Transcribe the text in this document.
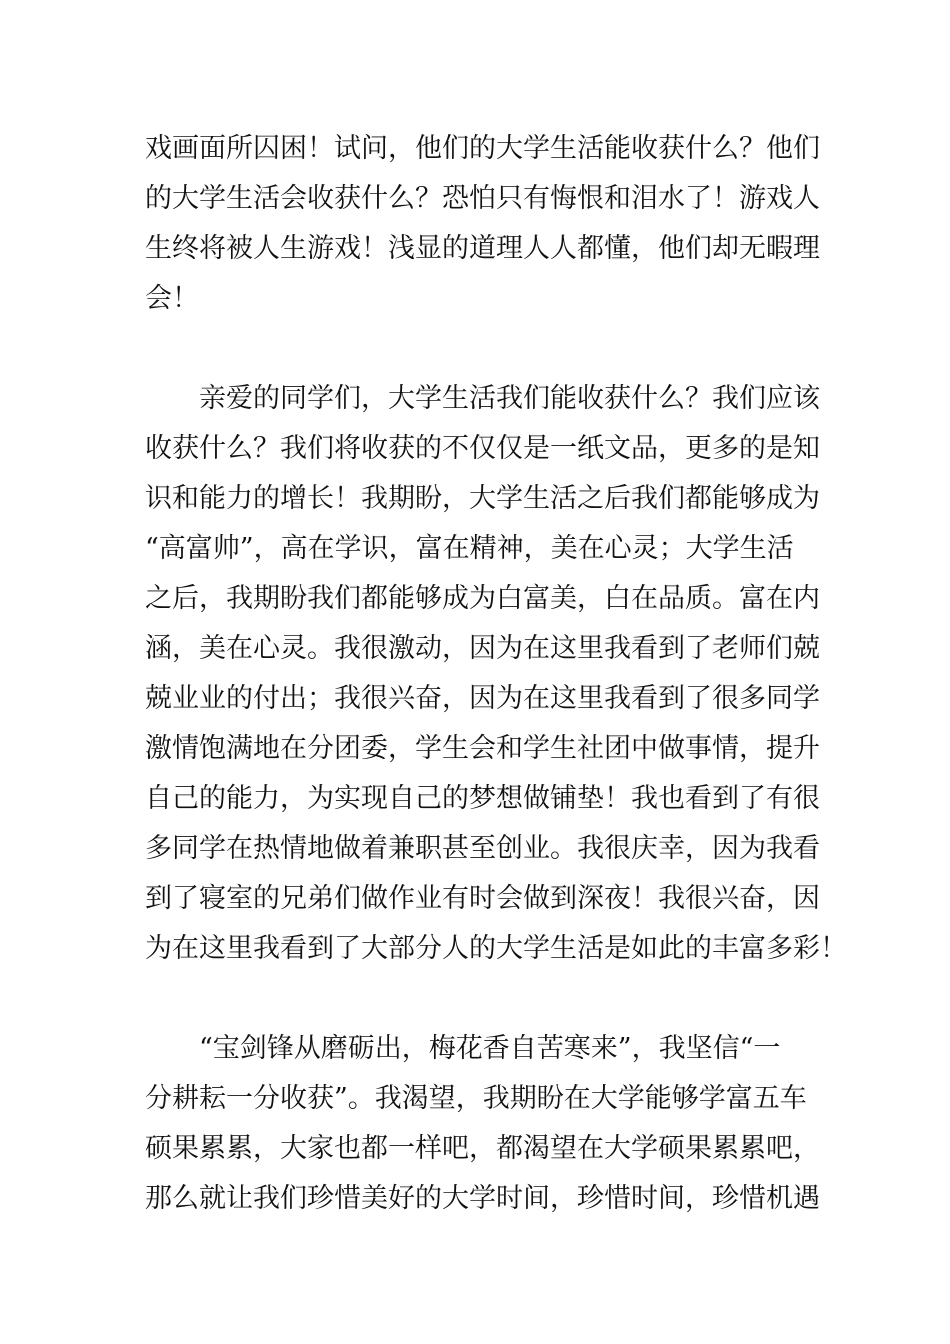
戏画面所囚困！试问，他们的大学生活能收获什么？他们
的大学生活会收获什么？恐怕只有悔恨和泪水了！游戏人
生终将被人生游戏！浅显的道理人人都懂，他们却无暇理
会！
　　亲爱的同学们，大学生活我们能收获什么？我们应该
收获什么？我们将收获的不仅仅是一纸文品，更多的是知
识和能力的增长！我期盼，大学生活之后我们都能够成为
“高富帅”，高在学识，富在精神，美在心灵；大学生活
之后，我期盼我们都能够成为白富美，白在品质。富在内
涵，美在心灵。我很激动，因为在这里我看到了老师们兢
兢业业的付出；我很兴奋，因为在这里我看到了很多同学
激情饱满地在分团委，学生会和学生社团中做事情，提升
自己的能力，为实现自己的梦想做铺垫！我也看到了有很
多同学在热情地做着兼职甚至创业。我很庆幸，因为我看
到了寝室的兄弟们做作业有时会做到深夜！我很兴奋，因
为在这里我看到了大部分人的大学生活是如此的丰富多彩！
　　“宝剑锋从磨砺出，梅花香自苦寒来”，我坚信“一
分耕耘一分收获”。我渴望，我期盼在大学能够学富五车
硕果累累，大家也都一样吧，都渴望在大学硕果累累吧，
那么就让我们珍惜美好的大学时间，珍惜时间，珍惜机遇
